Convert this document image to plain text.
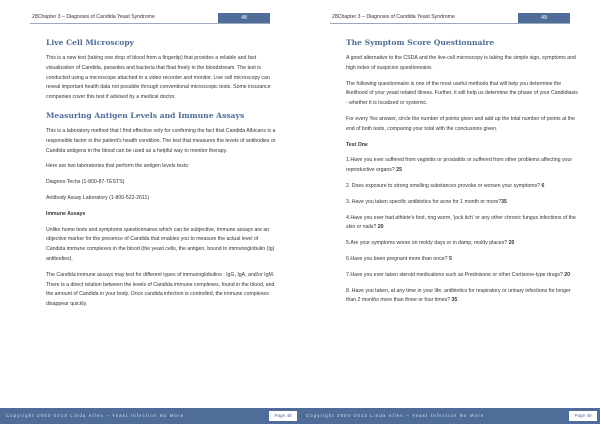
28Chapter 3 – Diagnosis of Candida Yeast Syndrome	48
Live Cell Microscopy

This is a new test (taking one drop of blood from a fingertip) that provides a reliable and fast visualization of Candida, parasites and bacteria that float freely in the bloodstream. The test is conducted using a microscope attached to a video recorder and monitor. Live cell microscopy can reveal important health data not possible through conventional microscopic tests. Some insurance companies cover this test if advised by a medical doctor.

Measuring Antigen Levels and Immune Assays

This is a laboratory method that I find effective only for confirming the fact that Candida Albicans is a responsible factor in the patient's health condition. The test that measures the levels of antibodies or Candida antigens in the blood can be used as a helpful way to monitor therapy.

Here are two laboratories that perform the antigen levels tests:

Diagnos-Techs (1-800-87-TESTS)

Antibody Assay Laboratory (1-800-522-2611)

Immune Assays

Unlike home tests and symptoms questionnaires which can be subjective, Immune assays are an objective marker for the presence of Candida that enables you to measure the actual level of Candida immune complexes in the blood (the yeast cells, the antigen, bound to immunoglobulin (Ig) antibodies).

The Candida immune assays may test for different types of immunoglobulins : IgG, IgA, and/or IgM. There is a direct relation between the levels of Candida immune complexes, found in the blood, and the amount of Candida in your body. Once candida infection is controlled, the immune complexes disappear quickly.

Copyright 2004-2013 Linda Allen – Yeast Infection No More	Page 48
28Chapter 3 – Diagnosis of Candida Yeast Syndrome	49
The Symptom Score Questionnaire

A good alternative to the CSDA and the live-cell microscopy is taking the simple sign, symptoms and high index of suspicion questionnaire.

The following questionnaire is one of the most useful methods that will help you determine the likelihood of your yeast related illness. Further, it will help us determine the phase of your Candidiasis - whether it is localized or systemic.

For every Yes answer, circle the number of points given and add up the total number of points at the end of both tests, comparing your total with the conclusions given.

Test One

1.Have you ever suffered from vaginitis or prostatitis or suffered from other problems affecting your reproductive organs? 25

2. Does exposure to strong smelling substances provoke or worsen your symptoms? 6

3. Have you taken specific antibiotics for acne for 1 month or more?35

4.Have you ever had athlete's foot, ring worm, 'jock itch' or any other chronic fungus infections of the skin or nails? 20

5.Are your symptoms worse on moldy days or in damp, moldy places? 20

6.Have you been pregnant more than once? 5

7.Have you ever taken steroid medications such as Prednisone or other Cortisone-type drugs? 20

8. Have you taken, at any time in your life, antibiotics for respiratory or urinary infections for longer than 2 months more than three or four times? 35

Copyright 2004-2013 Linda Allen – Yeast Infection No More	Page 49
